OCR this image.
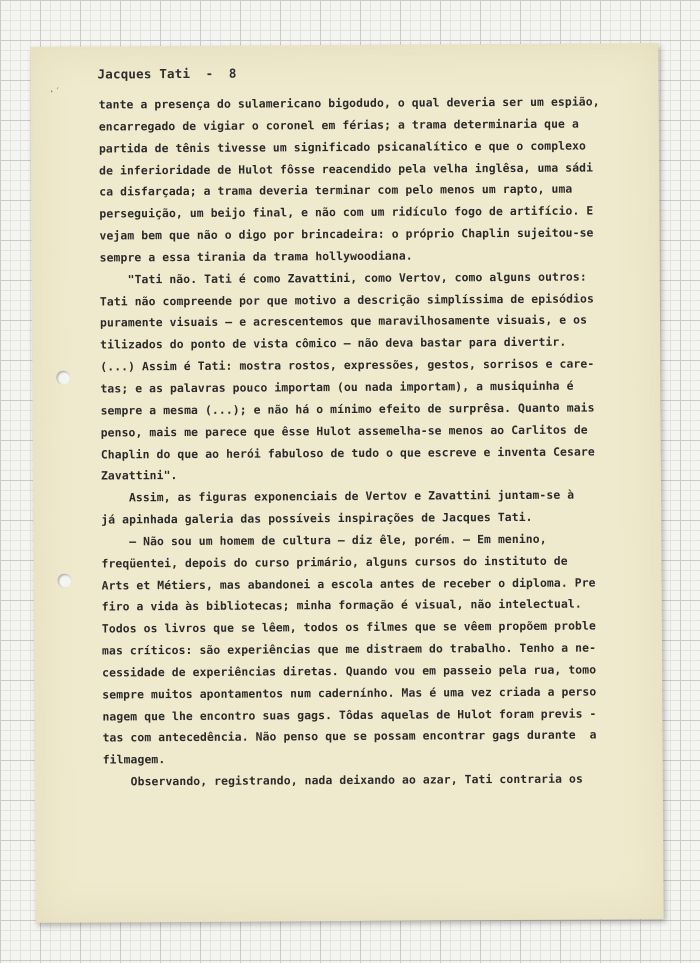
·′
Jacques Tati  -  8
tante a presença do sulamericano bigodudo, o qual deveria ser um espião,
encarregado de vigiar o coronel em férias; a trama determinaria que a
partida de tênis tivesse um significado psicanalítico e que o complexo
de inferioridade de Hulot fôsse reacendido pela velha inglêsa, uma sádi
ca disfarçada; a trama deveria terminar com pelo menos um rapto, uma
perseguição, um beijo final, e não com um ridículo fogo de artifício. E
vejam bem que não o digo por brincadeira: o próprio Chaplin sujeitou-se
sempre a essa tirania da trama hollywoodiana.
"Tati não. Tati é como Zavattini, como Vertov, como alguns outros:
Tati não compreende por que motivo a descrição simplíssima de episódios
puramente visuais — e acrescentemos que maravilhosamente visuais, e os
tilizados do ponto de vista cômico — não deva bastar para divertir.
(...) Assim é Tati: mostra rostos, expressões, gestos, sorrisos e care-
tas; e as palavras pouco importam (ou nada importam), a musiquinha é
sempre a mesma (...); e não há o mínimo efeito de surprêsa. Quanto mais
penso, mais me parece que êsse Hulot assemelha-se menos ao Carlitos de
Chaplin do que ao herói fabuloso de tudo o que escreve e inventa Cesare
Zavattini".
Assim, as figuras exponenciais de Vertov e Zavattini juntam-se à
já apinhada galeria das possíveis inspirações de Jacques Tati.
— Não sou um homem de cultura — diz êle, porém. — Em menino,
freqüentei, depois do curso primário, alguns cursos do instituto de
Arts et Métiers, mas abandonei a escola antes de receber o diploma. Pre
firo a vida às bibliotecas; minha formação é visual, não intelectual.
Todos os livros que se lêem, todos os filmes que se vêem propõem proble
mas críticos: são experiências que me distraem do trabalho. Tenho a ne-
cessidade de experiências diretas. Quando vou em passeio pela rua, tomo
sempre muitos apontamentos num cadernínho. Mas é uma vez criada a perso
nagem que lhe encontro suas gags. Tôdas aquelas de Hulot foram previs -
tas com antecedência. Não penso que se possam encontrar gags durante  a
filmagem.
Observando, registrando, nada deixando ao azar, Tati contraria os
